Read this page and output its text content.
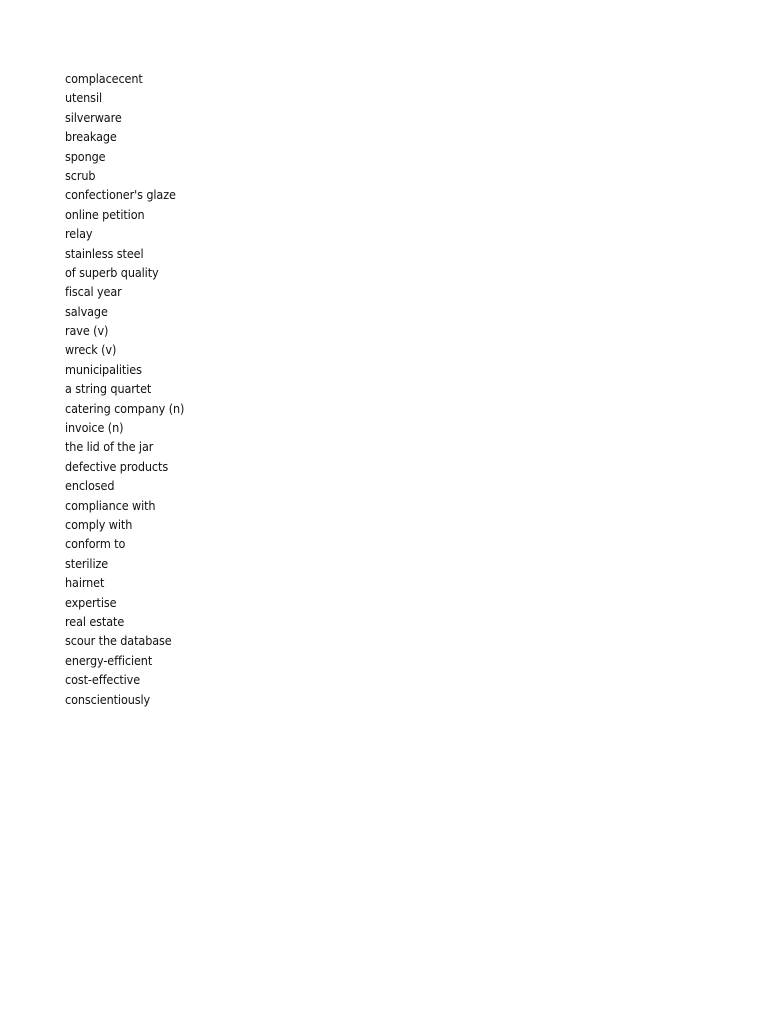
complacecent
utensil
silverware
breakage
sponge
scrub
confectioner's glaze
online petition
relay
stainless steel
of superb quality
fiscal year
salvage
rave (v)
wreck (v)
municipalities
a string quartet
catering company (n)
invoice (n)
the lid of the jar
defective products
enclosed
compliance with
comply with
conform to
sterilize
hairnet
expertise
real estate
scour the database
energy-efficient
cost-effective
conscientiously
